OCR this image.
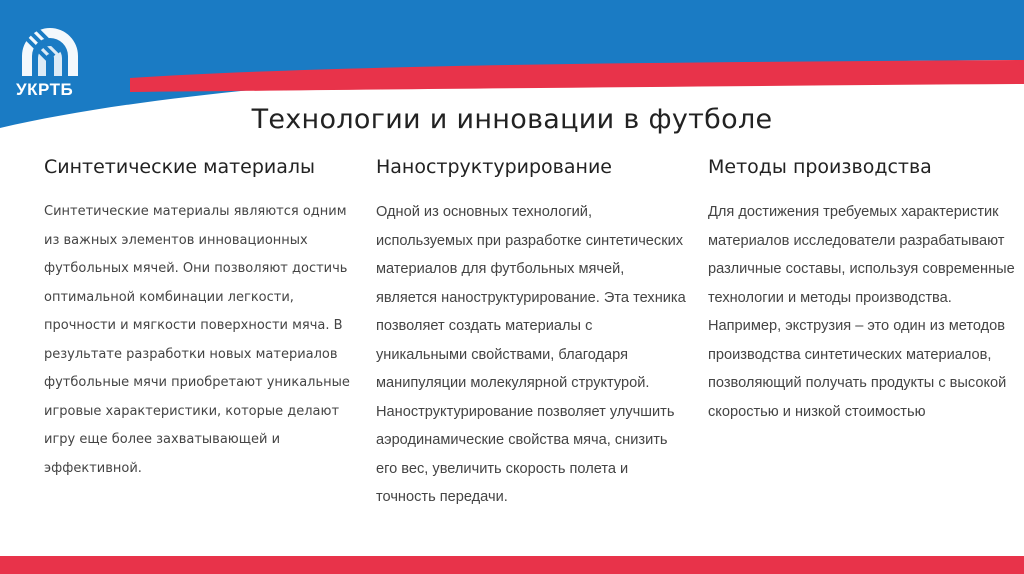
УКРТБ
Технологии и инновации в футболе
Синтетические материалы

Синтетические материалы являются одним из важных элементов инновационных футбольных мячей. Они позволяют достичь оптимальной комбинации легкости, прочности и мягкости поверхности мяча. В результате разработки новых материалов футбольные мячи приобретают уникальные игровые характеристики, которые делают игру еще более захватывающей и эффективной.

Наноструктурирование

Одной из основных технологий, используемых при разработке синтетических материалов для футбольных мячей, является наноструктурирование. Эта техника позволяет создать материалы с уникальными свойствами, благодаря манипуляции молекулярной структурой. Наноструктурирование позволяет улучшить аэродинамические свойства мяча, снизить его вес, увеличить скорость полета и точность передачи.

Методы производства

Для достижения требуемых характеристик материалов исследователи разрабатывают различные составы, используя современные технологии и методы производства. Например, экструзия – это один из методов производства синтетических материалов, позволяющий получать продукты с высокой скоростью и низкой стоимостью
